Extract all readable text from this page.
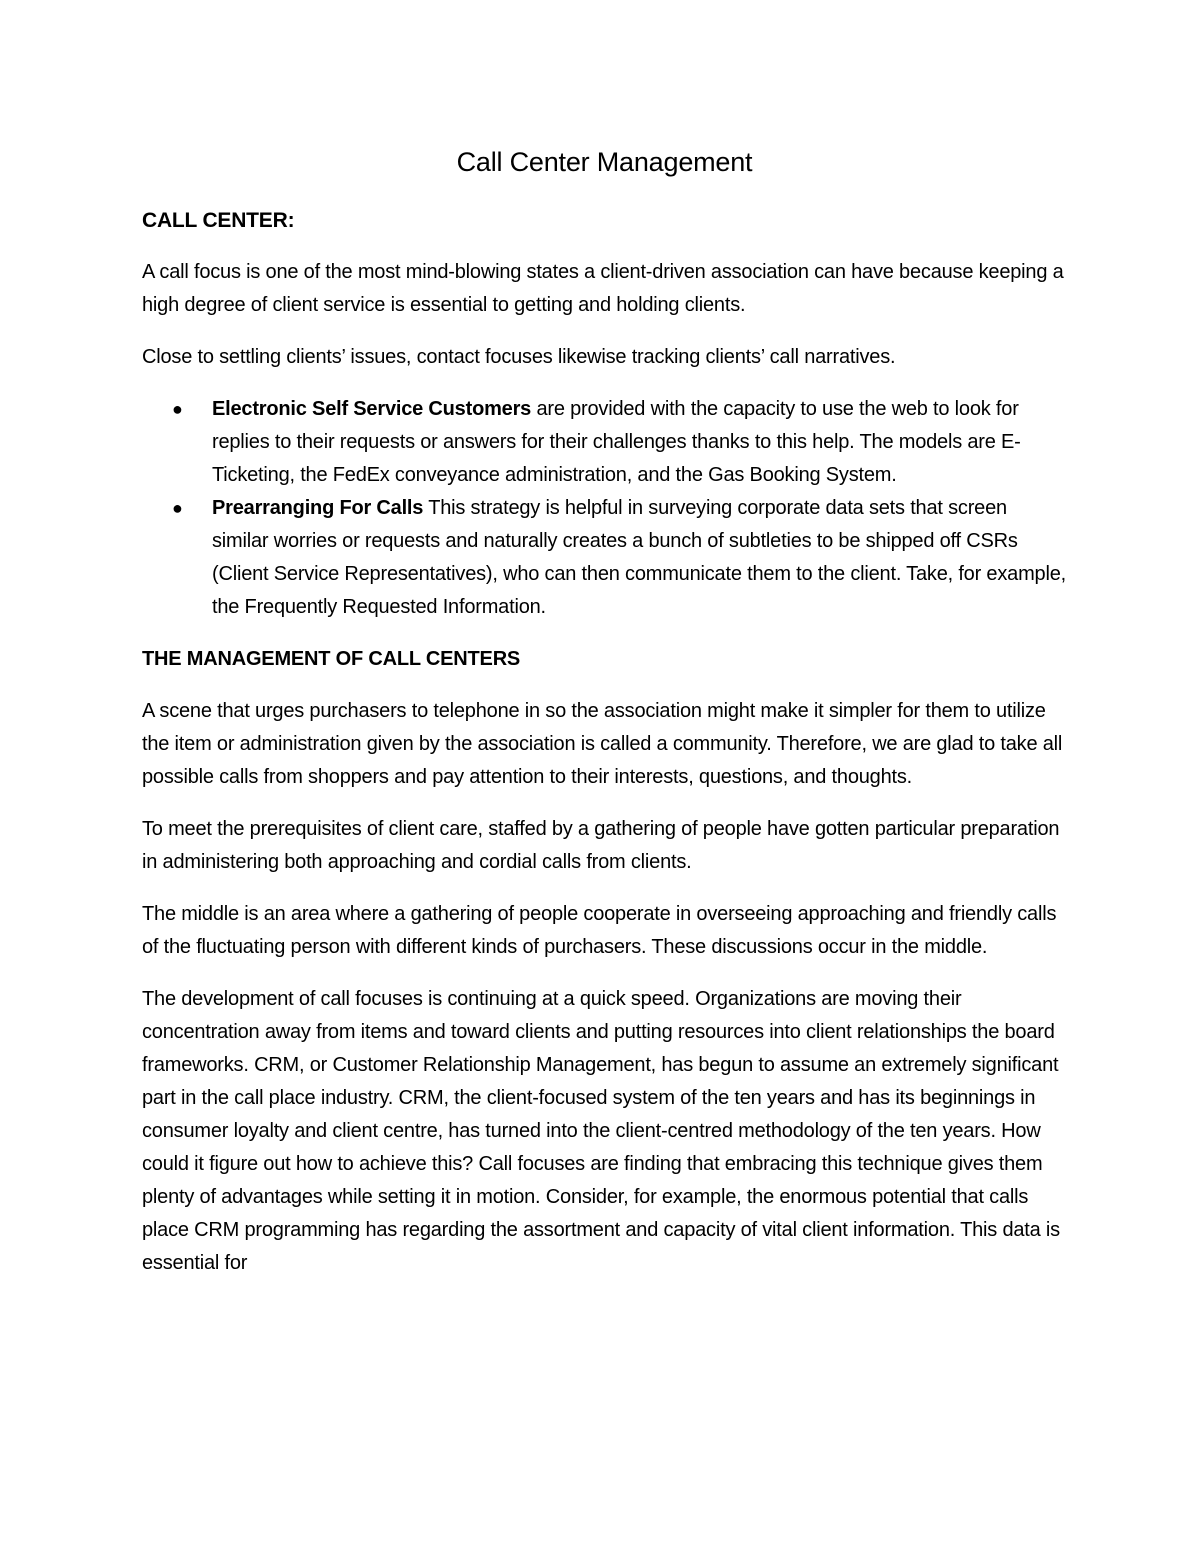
Call Center Management
CALL CENTER:

A call focus is one of the most mind-blowing states a client-driven association can have because keeping a high degree of client service is essential to getting and holding clients.

Close to settling clients’ issues, contact focuses likewise tracking clients’ call narratives.

● Electronic Self Service Customers are provided with the capacity to use the web to look for replies to their requests or answers for their challenges thanks to this help. The models are E-Ticketing, the FedEx conveyance administration, and the Gas Booking System.
● Prearranging For Calls This strategy is helpful in surveying corporate data sets that screen similar worries or requests and naturally creates a bunch of subtleties to be shipped off CSRs (Client Service Representatives), who can then communicate them to the client. Take, for example, the Frequently Requested Information.
THE MANAGEMENT OF CALL CENTERS

A scene that urges purchasers to telephone in so the association might make it simpler for them to utilize the item or administration given by the association is called a community. Therefore, we are glad to take all possible calls from shoppers and pay attention to their interests, questions, and thoughts.

To meet the prerequisites of client care, staffed by a gathering of people have gotten particular preparation in administering both approaching and cordial calls from clients.

The middle is an area where a gathering of people cooperate in overseeing approaching and friendly calls of the fluctuating person with different kinds of purchasers. These discussions occur in the middle.

The development of call focuses is continuing at a quick speed. Organizations are moving their concentration away from items and toward clients and putting resources into client relationships the board frameworks. CRM, or Customer Relationship Management, has begun to assume an extremely significant part in the call place industry. CRM, the client-focused system of the ten years and has its beginnings in consumer loyalty and client centre, has turned into the client-centred methodology of the ten years. How could it figure out how to achieve this? Call focuses are finding that embracing this technique gives them plenty of advantages while setting it in motion. Consider, for example, the enormous potential that calls place CRM programming has regarding the assortment and capacity of vital client information. This data is essential for
